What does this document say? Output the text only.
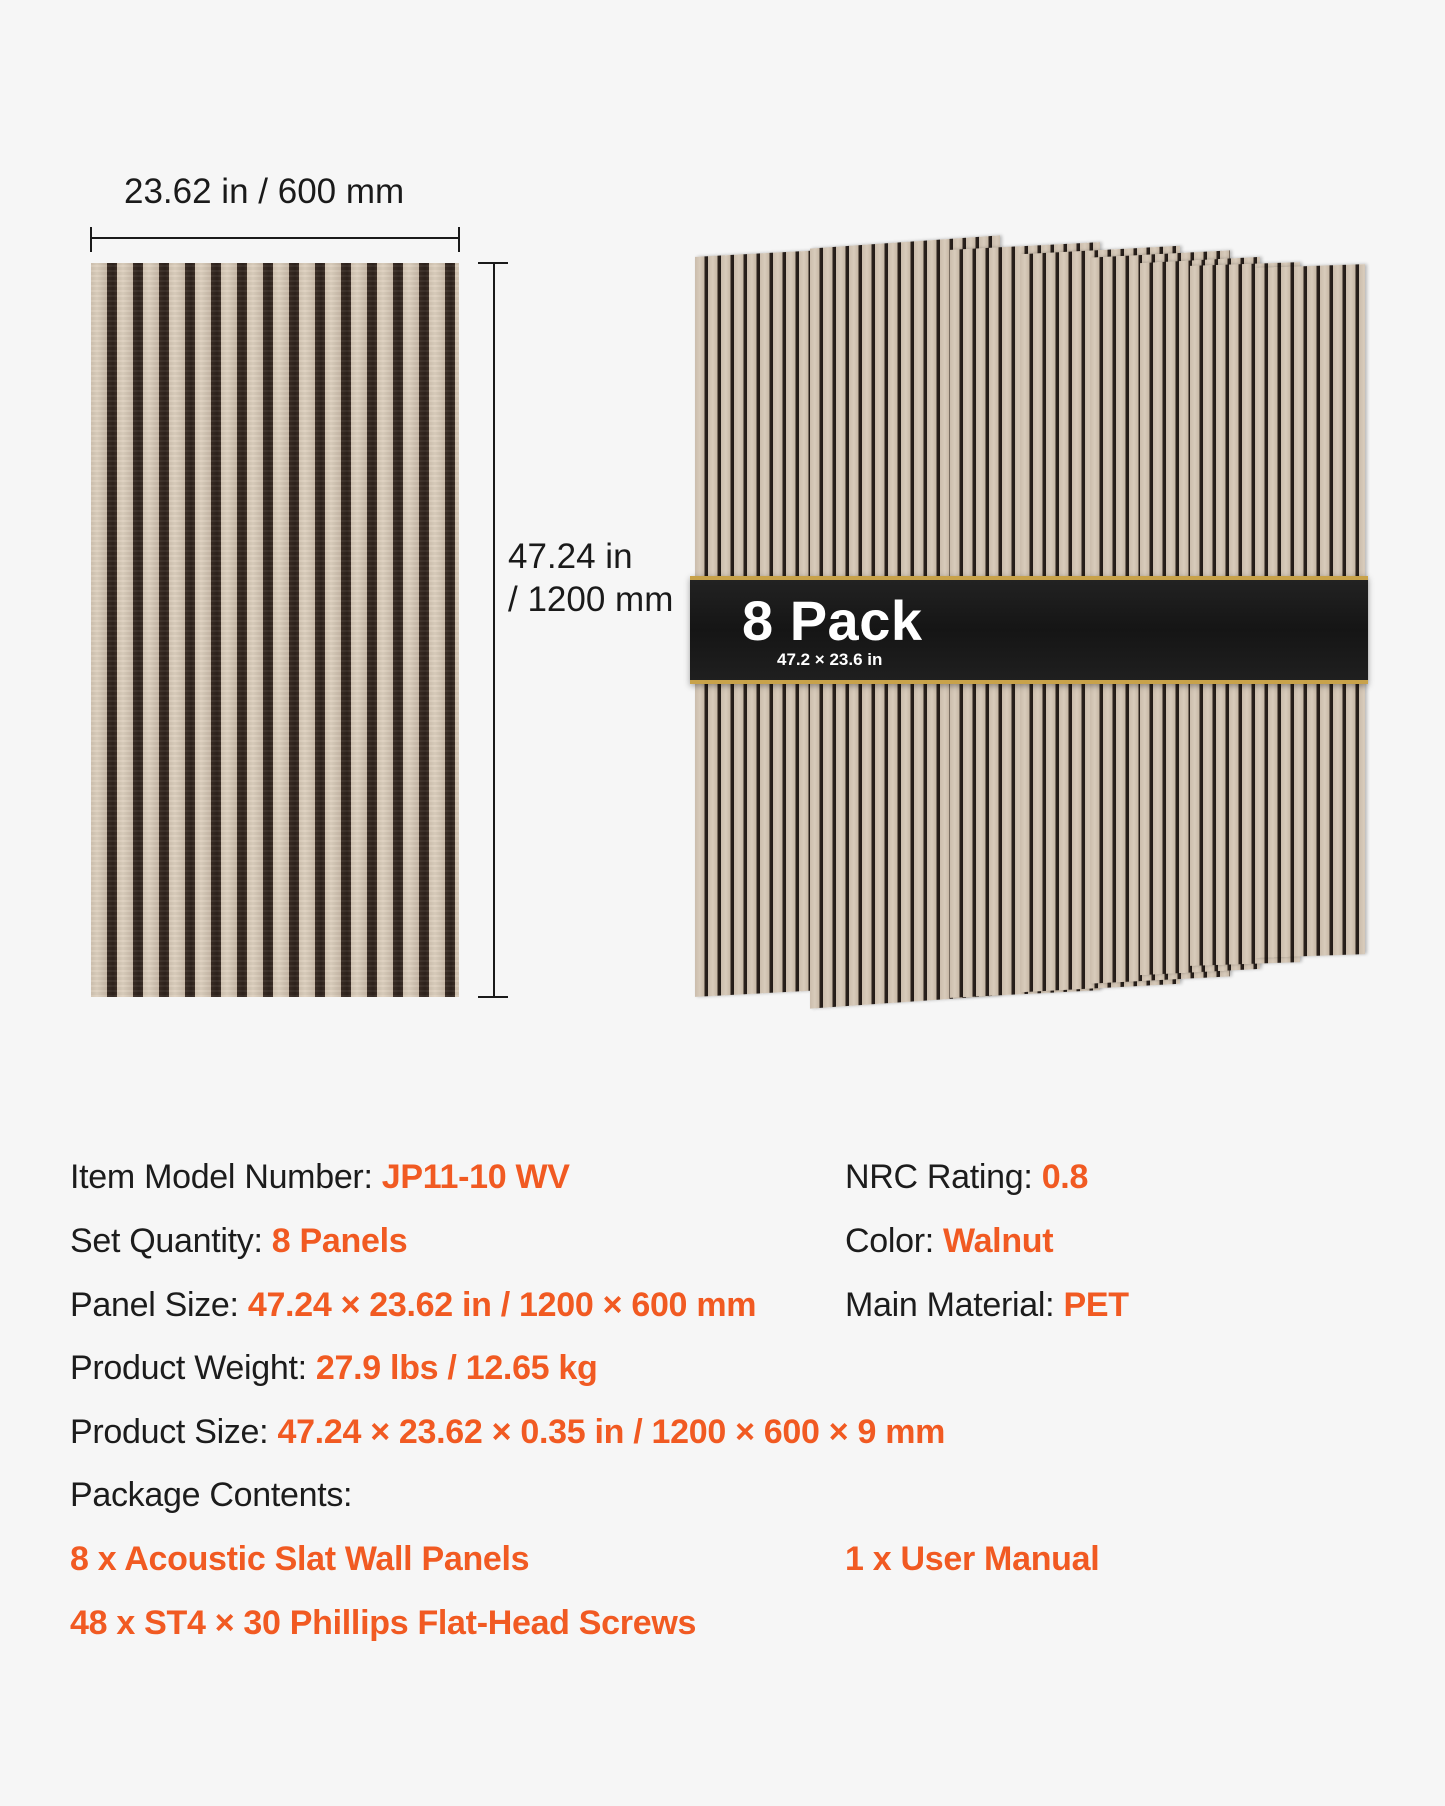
23.62 in / 600 mm
47.24 in
/ 1200 mm 8 Pack
47.2 × 23.6 in
Item Model Number: JP11-10 WV	NRC Rating: 0.8
Set Quantity: 8 Panels	Color: Walnut
Panel Size: 47.24 × 23.62 in / 1200 × 600 mm	Main Material: PET
Product Weight: 27.9 lbs / 12.65 kg
Product Size: 47.24 × 23.62 × 0.35 in / 1200 × 600 × 9 mm
Package Contents:
8 x Acoustic Slat Wall Panels	1 x User Manual
48 x ST4 × 30 Phillips Flat-Head Screws
